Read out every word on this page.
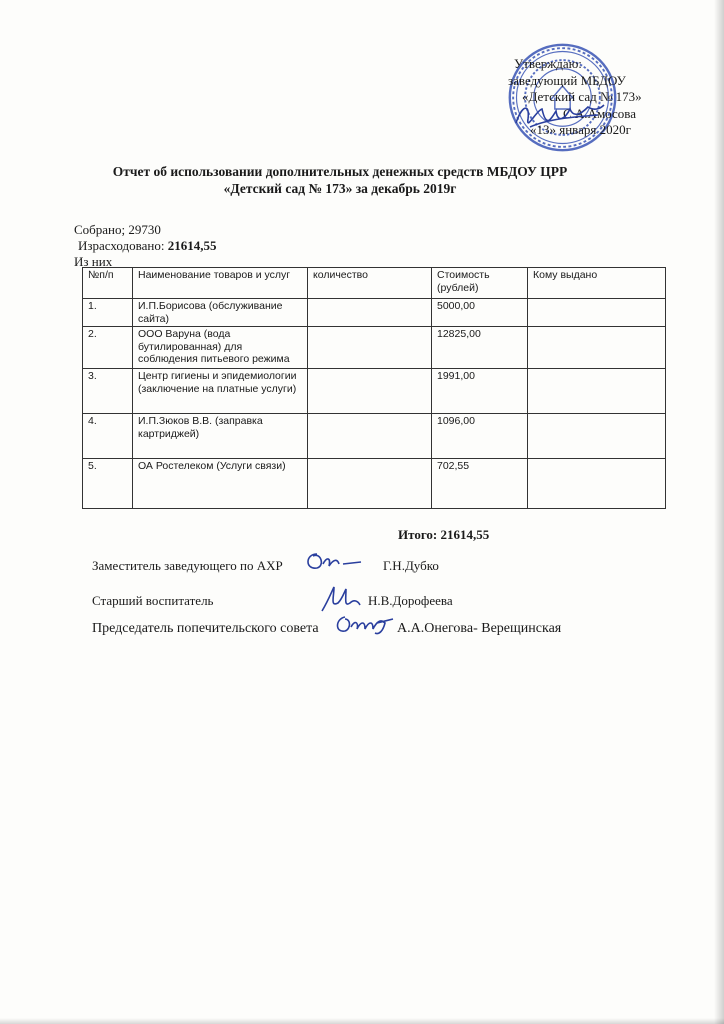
Утверждаю:
заведующий МБДОУ
«Детский сад № 173»
С.А.Амосова
«13» января 2020г
Отчет об использовании дополнительных денежных средств МБДОУ ЦРР
«Детский сад № 173» за декабрь 2019г
Собрано; 29730
Израсходовано: 21614,55
Из них
№п/п	Наименование товаров и услуг	количество	Стоимость (рублей)	Кому выдано
1.	И.П.Борисова (обслуживание сайта)		5000,00	
2.	ООО Варуна (вода бутилированная) для соблюдения питьевого режима		12825,00	
3.	Центр гигиены и эпидемиологии (заключение на платные услуги)		1991,00	
4.	И.П.Зюков В.В. (заправка картриджей)		1096,00	
5.	ОА Ростелеком (Услуги связи)		702,55	
Итого: 21614,55
Заместитель заведующего по АХР	Г.Н.Дубко
Старший воспитатель	Н.В.Дорофеева
Председатель попечительского совета	А.А.Онегова- Верещинская
